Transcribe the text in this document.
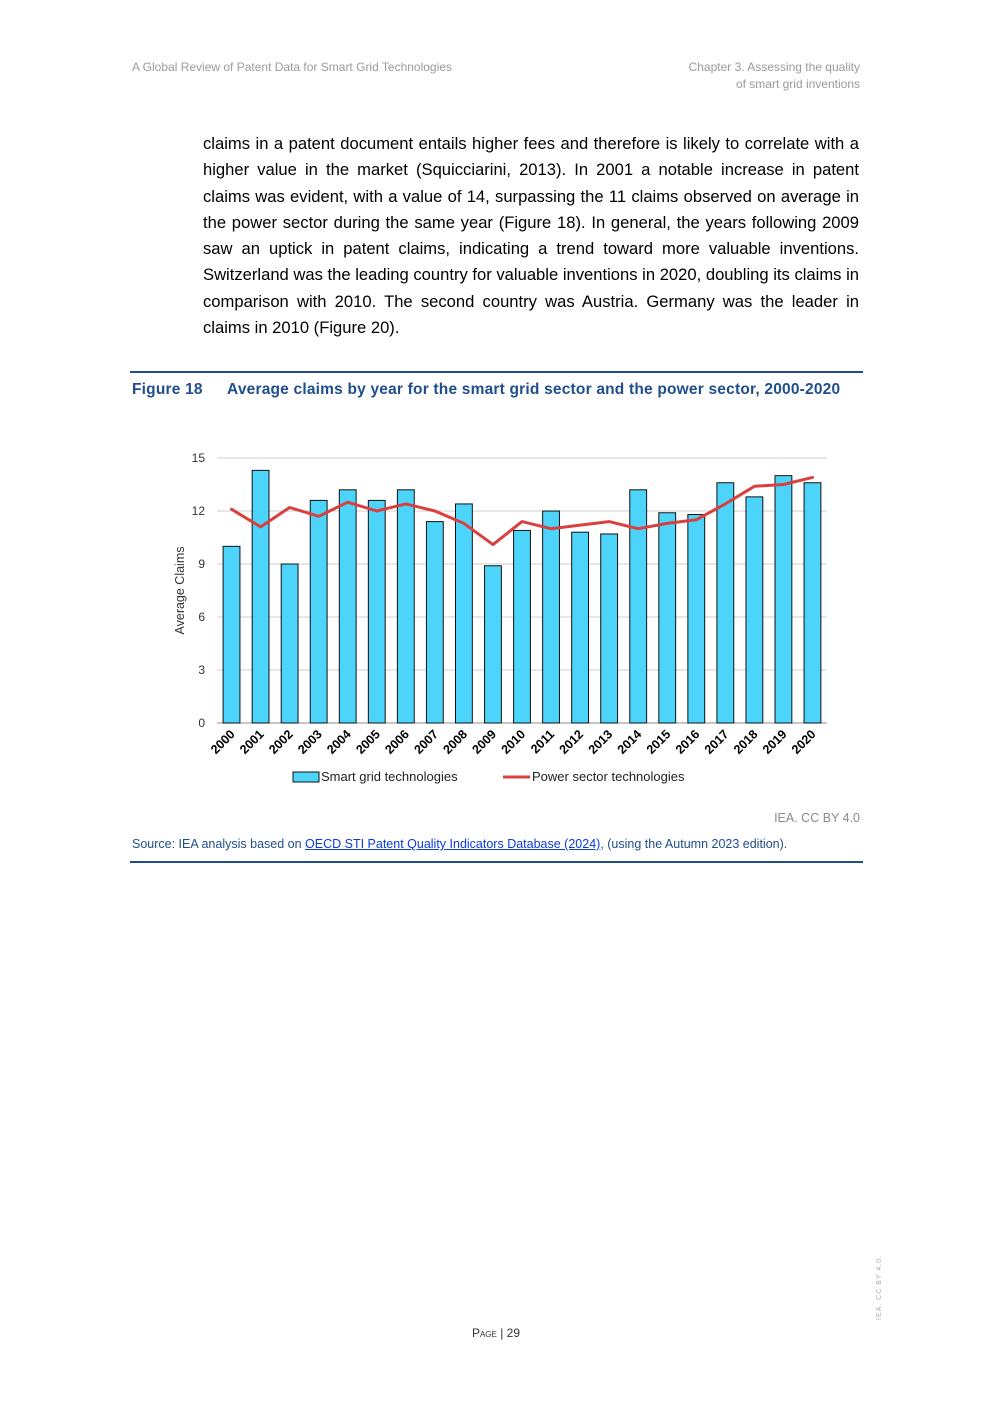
A Global Review of Patent Data for Smart Grid Technologies	Chapter 3. Assessing the quality
of smart grid inventions

claims in a patent document entails higher fees and therefore is likely to correlate with a higher value in the market (Squicciarini, 2013). In 2001 a notable increase in patent claims was evident, with a value of 14, surpassing the 11 claims observed on average in the power sector during the same year (Figure 18). In general, the years following 2009 saw an uptick in patent claims, indicating a trend toward more valuable inventions. Switzerland was the leading country for valuable inventions in 2020, doubling its claims in comparison with 2010. The second country was Austria. Germany was the leader in claims in 2010 (Figure 20).

Figure 18 Average claims by year for the smart grid sector and the power sector, 2000-2020
0
3
6
9
12
15
Average Claims
2000 2001 2002 2003 2004 2005 2006 2007 2008 2009 2010 2011 2012 2013 2014 2015 2016 2017 2018 2019 2020
Smart grid technologies	Power sector technologies
IEA. CC BY 4.0
Source: IEA analysis based on OECD STI Patent Quality Indicators Database (2024), (using the Autumn 2023 edition).
Page | 29
IEA. CC BY 4.0.
